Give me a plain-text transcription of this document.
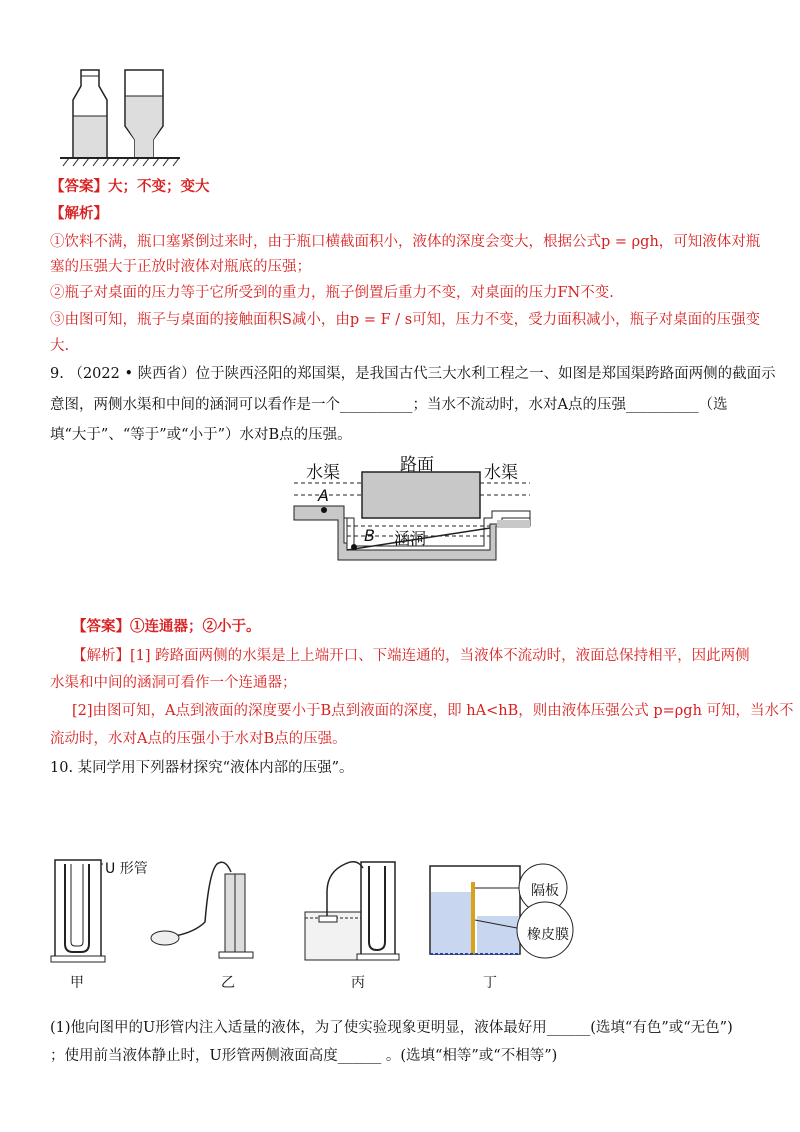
【答案】大；不变；变大
【解析】
①饮料不满，瓶口塞紧倒过来时，由于瓶口横截面积小，液体的深度会变大，根据公式p = ρgh，可知液体对瓶
塞的压强大于正放时液体对瓶底的压强；
②瓶子对桌面的压力等于它所受到的重力，瓶子倒置后重力不变，对桌面的压力FN不变.
③由图可知，瓶子与桌面的接触面积S减小，由p = F / s可知，压力不变，受力面积减小，瓶子对桌面的压强变
大.
9. （2022 • 陕西省）位于陕西泾阳的郑国渠，是我国古代三大水利工程之一、如图是郑国渠跨路面两侧的截面示
意图，两侧水渠和中间的涵洞可以看作是一个__________；当水不流动时，水对A点的压强__________（选
填“大于”、“等于”或“小于”）水对B点的压强。
水渠	路面	水渠
A
B 涵洞
【答案】①连通器；②小于。
【解析】[1] 跨路面两侧的水渠是上上端开口、下端连通的，当液体不流动时，液面总保持相平，因此两侧
水渠和中间的涵洞可看作一个连通器；
[2]由图可知，A点到液面的深度要小于B点到液面的深度，即 hA<hB，则由液体压强公式 p=ρgh 可知，当水不
流动时，水对A点的压强小于水对B点的压强。
10. 某同学用下列器材探究“液体内部的压强”。
U 形管
隔板
橡皮膜
甲	乙	丙	丁
(1)他向图甲的U形管内注入适量的液体，为了使实验现象更明显，液体最好用______(选填“有色”或“无色”)
；使用前当液体静止时，U形管两侧液面高度______ 。(选填“相等”或“不相等”)
